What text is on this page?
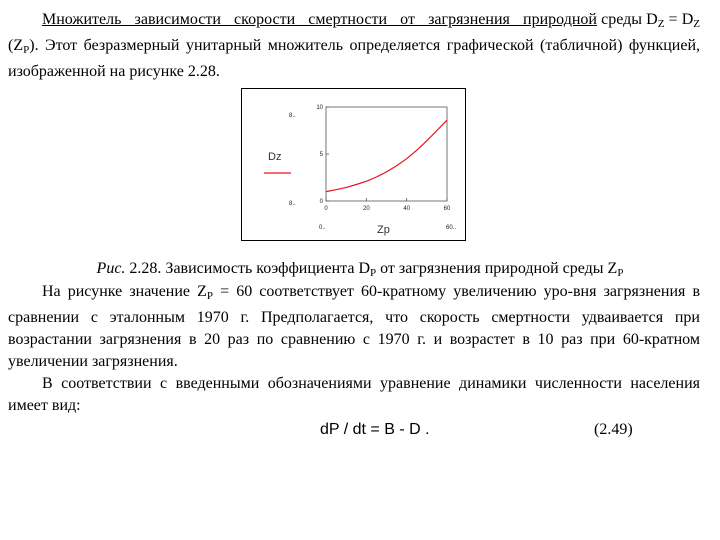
Множитель зависимости скорости смертности от загрязнения природной среды $D_Z = D_Z$ $(Z_P)$. Этот безразмерный унитарный множитель определяется графической (табличной) функцией, изображенной на рисунке 2.28.

8..
8..
0..	60..
Dz
Zp
0
5
10
0	20	40	60
Рис. 2.28. Зависимость коэффициента $D_P$ от загрязнения природной среды $Z_P$

На рисунке значение $Z_P = 60$ соответствует 60-кратному увеличению уро-вня загрязнения в сравнении с эталонным 1970 г. Предполагается, что скорость смертности удваивается при возрастании загрязнения в 20 раз по сравнению с 1970 г. и возрастет в 10 раз при 60-кратном увеличении загрязнения.

В соответствии с введенными обозначениями уравнение динамики численности населения имеет вид:

dP / dt = B - D .	(2.49)
